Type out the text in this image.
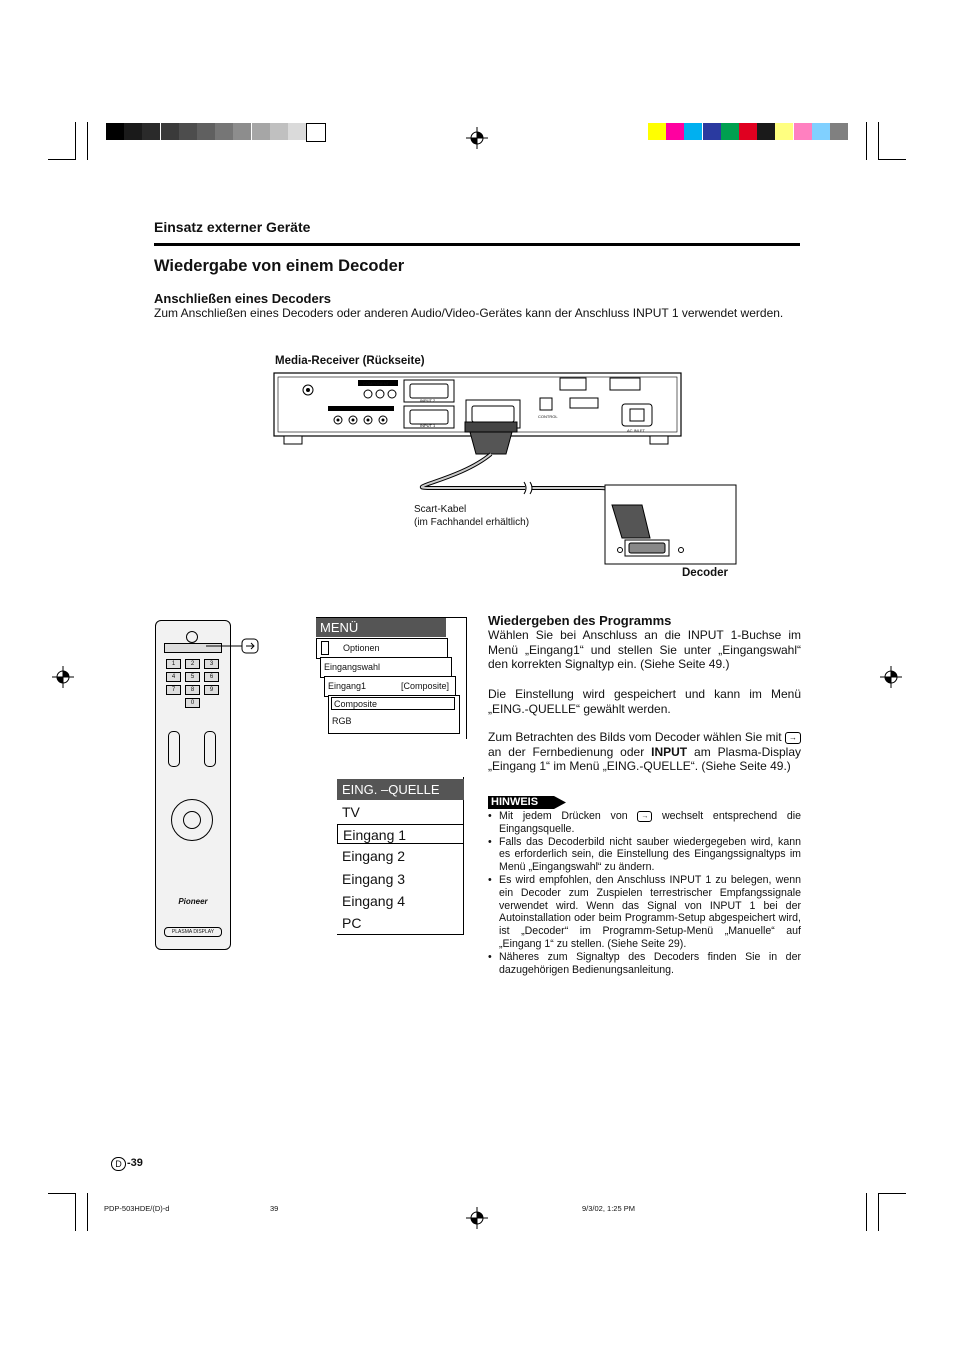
Einsatz externer Geräte
Wiedergabe von einem Decoder
Anschließen eines Decoders
Zum Anschließen eines Decoders oder anderen Audio/Video-Gerätes kann der Anschluss INPUT 1 verwendet werden.
Media-Receiver (Rückseite)
COMPONENT
INPUT 2
INPUT 1
CONTROL
AC INLET
Scart-Kabel
(im Fachhandel erhältlich)
Decoder
1	2	3
4	5	6
7	8	9
0
Pioneer
PLASMA DISPLAY
MENÜ
Optionen
Eingangswahl
Eingang1	[Composite]
Composite
RGB
EING. –QUELLE
Wiedergeben des Programms
Wählen Sie bei Anschluss an die INPUT 1-Buchse im Menü „Eingang1“ und stellen Sie unter „Eingangswahl“ den korrekten Signaltyp ein. (Siehe Seite 49.)
Die Einstellung wird gespeichert und kann im Menü „EING.-QUELLE“ gewählt werden.
Zum Betrachten des Bilds vom Decoder wählen Sie mit → an der Fernbedienung oder INPUT am Plasma-Display „Eingang 1“ im Menü „EING.-QUELLE“. (Siehe Seite 49.)
HINWEIS
• Mit jedem Drücken von → wechselt entsprechend die Eingangsquelle.
• Falls das Decoderbild nicht sauber wiedergegeben wird, kann es erforderlich sein, die Einstellung des Eingangssignaltyps im Menü „Eingangswahl“ zu ändern.
• Es wird empfohlen, den Anschluss INPUT 1 zu belegen, wenn ein Decoder zum Zuspielen terrestrischer Empfangssignale verwendet wird. Wenn das Signal von INPUT 1 bei der Autoinstallation oder beim Programm-Setup abgespeichert wird, ist „Decoder“ im Programm-Setup-Menü „Manuelle“ auf „Eingang 1“ zu stellen. (Siehe Seite 29).
• Näheres zum Signaltyp des Decoders finden Sie in der dazugehörigen Bedienungsanleitung.
D -39
PDP-503HDE/(D)-d	39	9/3/02, 1:25 PM
TV
Eingang 1
Eingang 2
Eingang 3
Eingang 4
PC
